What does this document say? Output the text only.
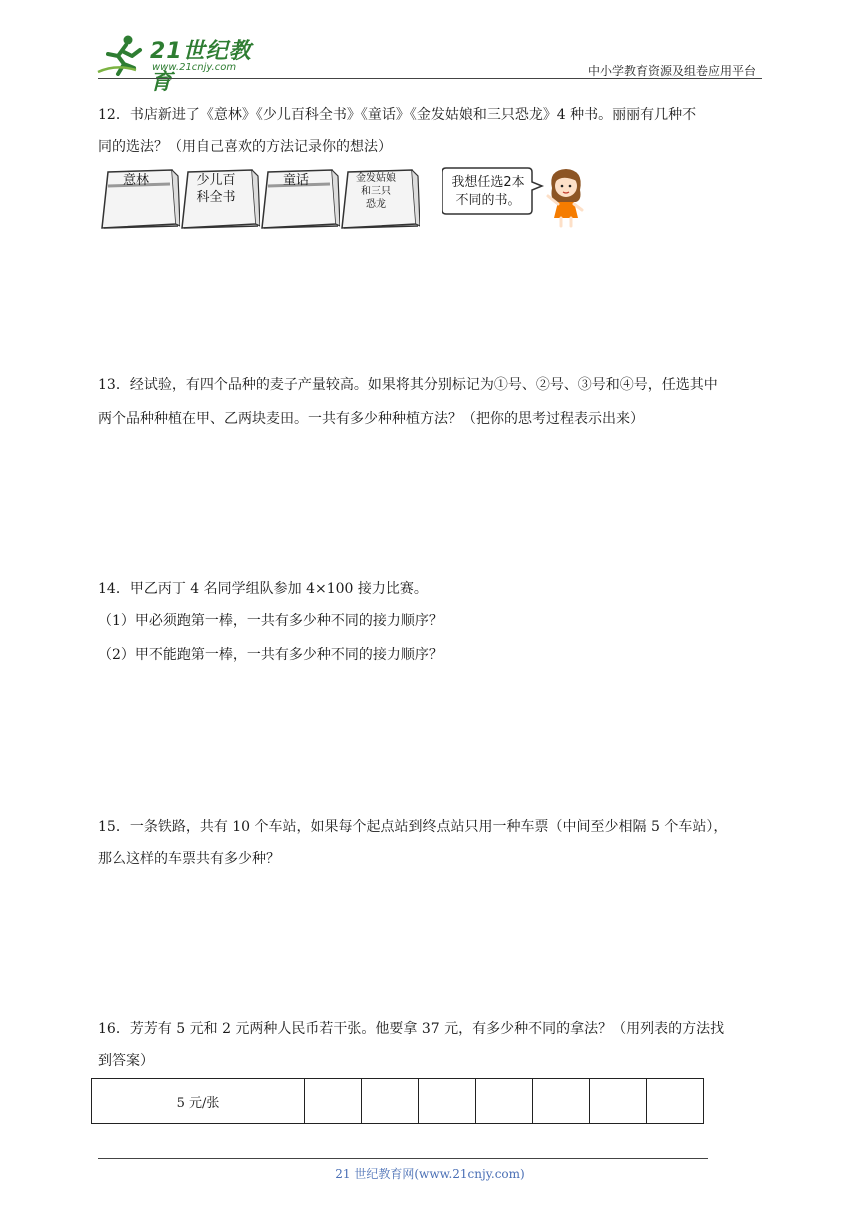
21世纪教育
www.21cnjy.com	中小学教育资源及组卷应用平台
12．书店新进了《意林》《少儿百科全书》《童话》《金发姑娘和三只恐龙》4 种书。丽丽有几种不
同的选法？（用自己喜欢的方法记录你的想法）
意林	少儿百
科全书
童话	金发姑娘
和三只
恐龙
我想任选2本
不同的书。
13．经试验，有四个品种的麦子产量较高。如果将其分别标记为①号、②号、③号和④号，任选其中
两个品种种植在甲、乙两块麦田。一共有多少种种植方法？（把你的思考过程表示出来）
14．甲乙丙丁 4 名同学组队参加 4×100 接力比赛。
（1）甲必须跑第一棒，一共有多少种不同的接力顺序？
（2）甲不能跑第一棒，一共有多少种不同的接力顺序？
15．一条铁路，共有 10 个车站，如果每个起点站到终点站只用一种车票（中间至少相隔 5 个车站），
那么这样的车票共有多少种？
16．芳芳有 5 元和 2 元两种人民币若干张。他要拿 37 元，有多少种不同的拿法？（用列表的方法找
到答案）
5 元/张							
21 世纪教育网(www.21cnjy.com)
